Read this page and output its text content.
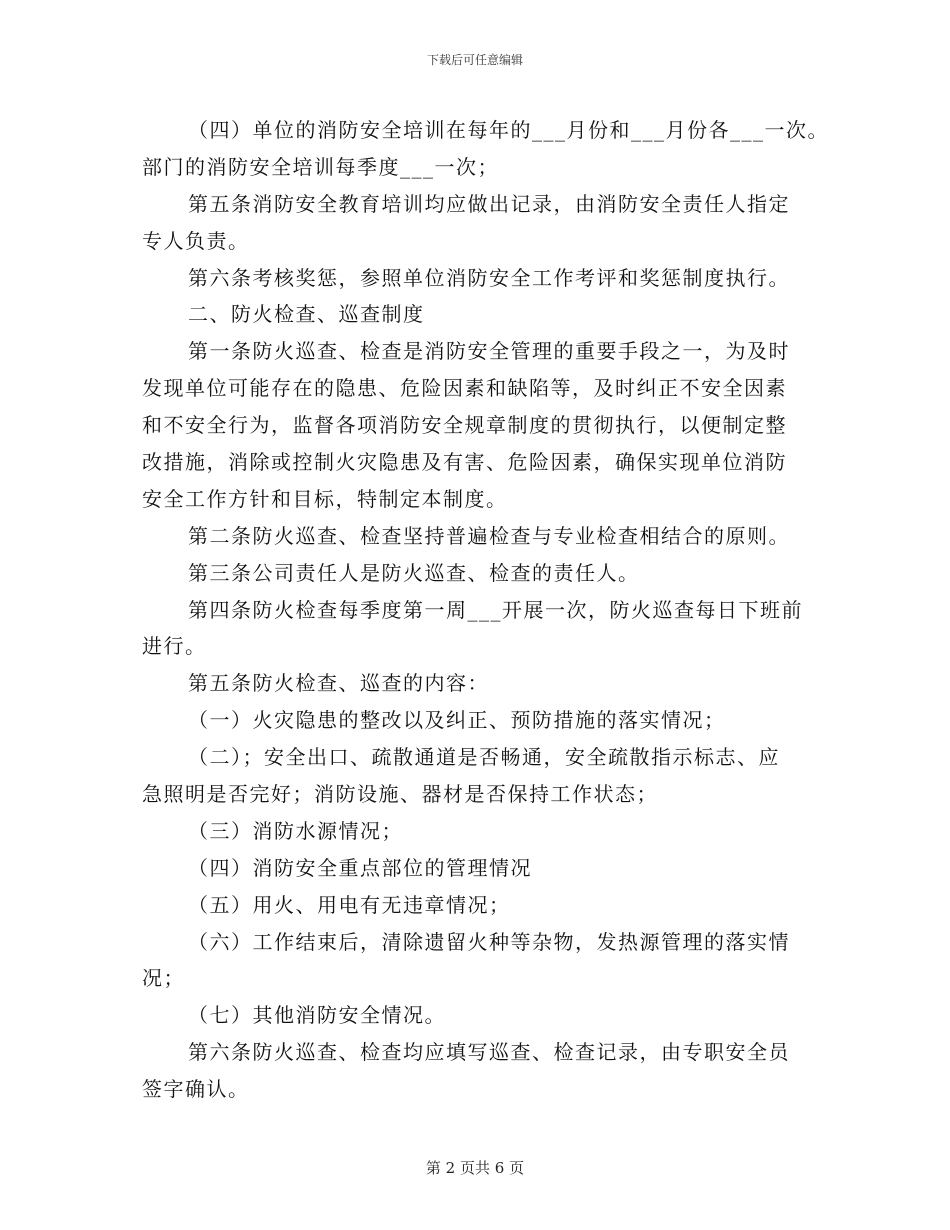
下载后可任意编辑
（四）单位的消防安全培训在每年的___月份和___月份各___一次。
部门的消防安全培训每季度___一次；
第五条消防安全教育培训均应做出记录，由消防安全责任人指定
专人负责。
第六条考核奖惩，参照单位消防安全工作考评和奖惩制度执行。
二、防火检查、巡查制度
第一条防火巡查、检查是消防安全管理的重要手段之一，为及时
发现单位可能存在的隐患、危险因素和缺陷等，及时纠正不安全因素
和不安全行为，监督各项消防安全规章制度的贯彻执行，以便制定整
改措施，消除或控制火灾隐患及有害、危险因素，确保实现单位消防
安全工作方针和目标，特制定本制度。
第二条防火巡查、检查坚持普遍检查与专业检查相结合的原则。
第三条公司责任人是防火巡查、检查的责任人。
第四条防火检查每季度第一周___开展一次，防火巡查每日下班前
进行。
第五条防火检查、巡查的内容：
（一）火灾隐患的整改以及纠正、预防措施的落实情况；
（二）；安全出口、疏散通道是否畅通，安全疏散指示标志、应
急照明是否完好；消防设施、器材是否保持工作状态；
（三）消防水源情况；
（四）消防安全重点部位的管理情况
（五）用火、用电有无违章情况；
（六）工作结束后，清除遗留火种等杂物，发热源管理的落实情
况；
（七）其他消防安全情况。
第六条防火巡查、检查均应填写巡查、检查记录，由专职安全员
签字确认。
第 2 页共 6 页
